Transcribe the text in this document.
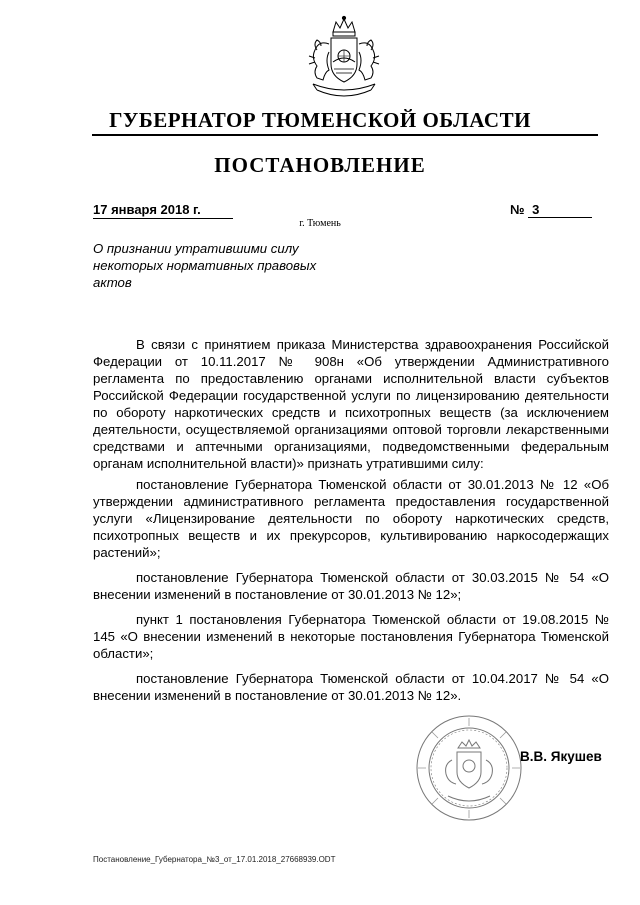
ГУБЕРНАТОР ТЮМЕНСКОЙ ОБЛАСТИ
ПОСТАНОВЛЕНИЕ
17 января 2018 г.	№ 3
г. Тюмень
О признании утратившими силу некоторых нормативных правовых актов

В связи с принятием приказа Министерства здравоохранения Российской Федерации от 10.11.2017 № 908н «Об утверждении Административного регламента по предоставлению органами исполнительной власти субъектов Российской Федерации государственной услуги по лицензированию деятельности по обороту наркотических средств и психотропных веществ (за исключением деятельности, осуществляемой организациями оптовой торговли лекарственными средствами и аптечными организациями, подведомственными федеральным органам исполнительной власти)» признать утратившими силу:

постановление Губернатора Тюменской области от 30.01.2013 № 12 «Об утверждении административного регламента предоставления государственной услуги «Лицензирование деятельности по обороту наркотических средств, психотропных веществ и их прекурсоров, культивированию наркосодержащих растений»;

постановление Губернатора Тюменской области от 30.03.2015 № 54 «О внесении изменений в постановление от 30.01.2013 № 12»;

пункт 1 постановления Губернатора Тюменской области от 19.08.2015 № 145 «О внесении изменений в некоторые постановления Губернатора Тюменской области»;

постановление Губернатора Тюменской области от 10.04.2017 № 54 «О внесении изменений в постановление от 30.01.2013 № 12».

В.В. Якушев
Постановление_Губернатора_№3_от_17.01.2018_27668939.ODT
